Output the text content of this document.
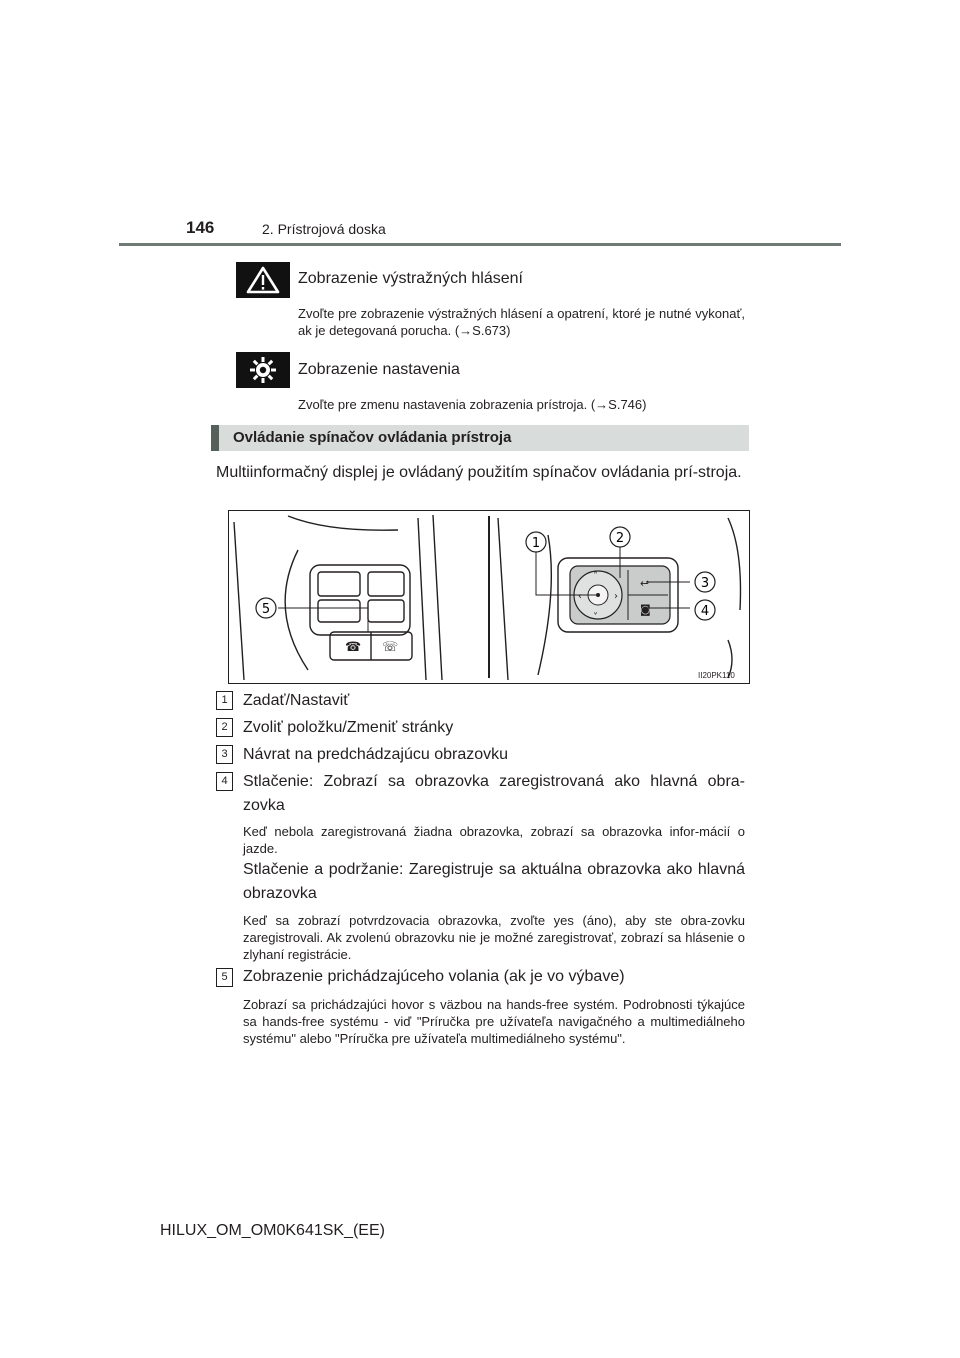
146	2. Prístrojová doska
Zobrazenie výstražných hlásení
Zvoľte pre zobrazenie výstražných hlásení a opatrení, ktoré je nutné vykonať, ak je detegovaná porucha. (→S.673)
Zobrazenie nastavenia
Zvoľte pre zmenu nastavenia zobrazenia prístroja. (→S.746)
Ovládanie spínačov ovládania prístroja
Multiinformačný displej je ovládaný použitím spínačov ovládania prí-stroja.
☎ ☏
5
˄
˅
‹	›
↩
◙
1	2
3
4
II20PK110
1 Zadať/Nastaviť
2 Zvoliť položku/Zmeniť stránky
3 Návrat na predchádzajúcu obrazovku
4 Stlačenie: Zobrazí sa obrazovka zaregistrovaná ako hlavná obra-zovka
Keď nebola zaregistrovaná žiadna obrazovka, zobrazí sa obrazovka infor-mácií o jazde.
Stlačenie a podržanie: Zaregistruje sa aktuálna obrazovka ako hlavná obrazovka
Keď sa zobrazí potvrdzovacia obrazovka, zvoľte yes (áno), aby ste obra-zovku zaregistrovali. Ak zvolenú obrazovku nie je možné zaregistrovať, zobrazí sa hlásenie o zlyhaní registrácie.
5 Zobrazenie prichádzajúceho volania (ak je vo výbave)
Zobrazí sa prichádzajúci hovor s väzbou na hands-free systém. Podrobnosti týkajúce sa hands-free systému - viď "Príručka pre užívateľa navigačného a multimediálneho systému" alebo "Príručka pre užívateľa multimediálneho systému".
HILUX_OM_OM0K641SK_(EE)
